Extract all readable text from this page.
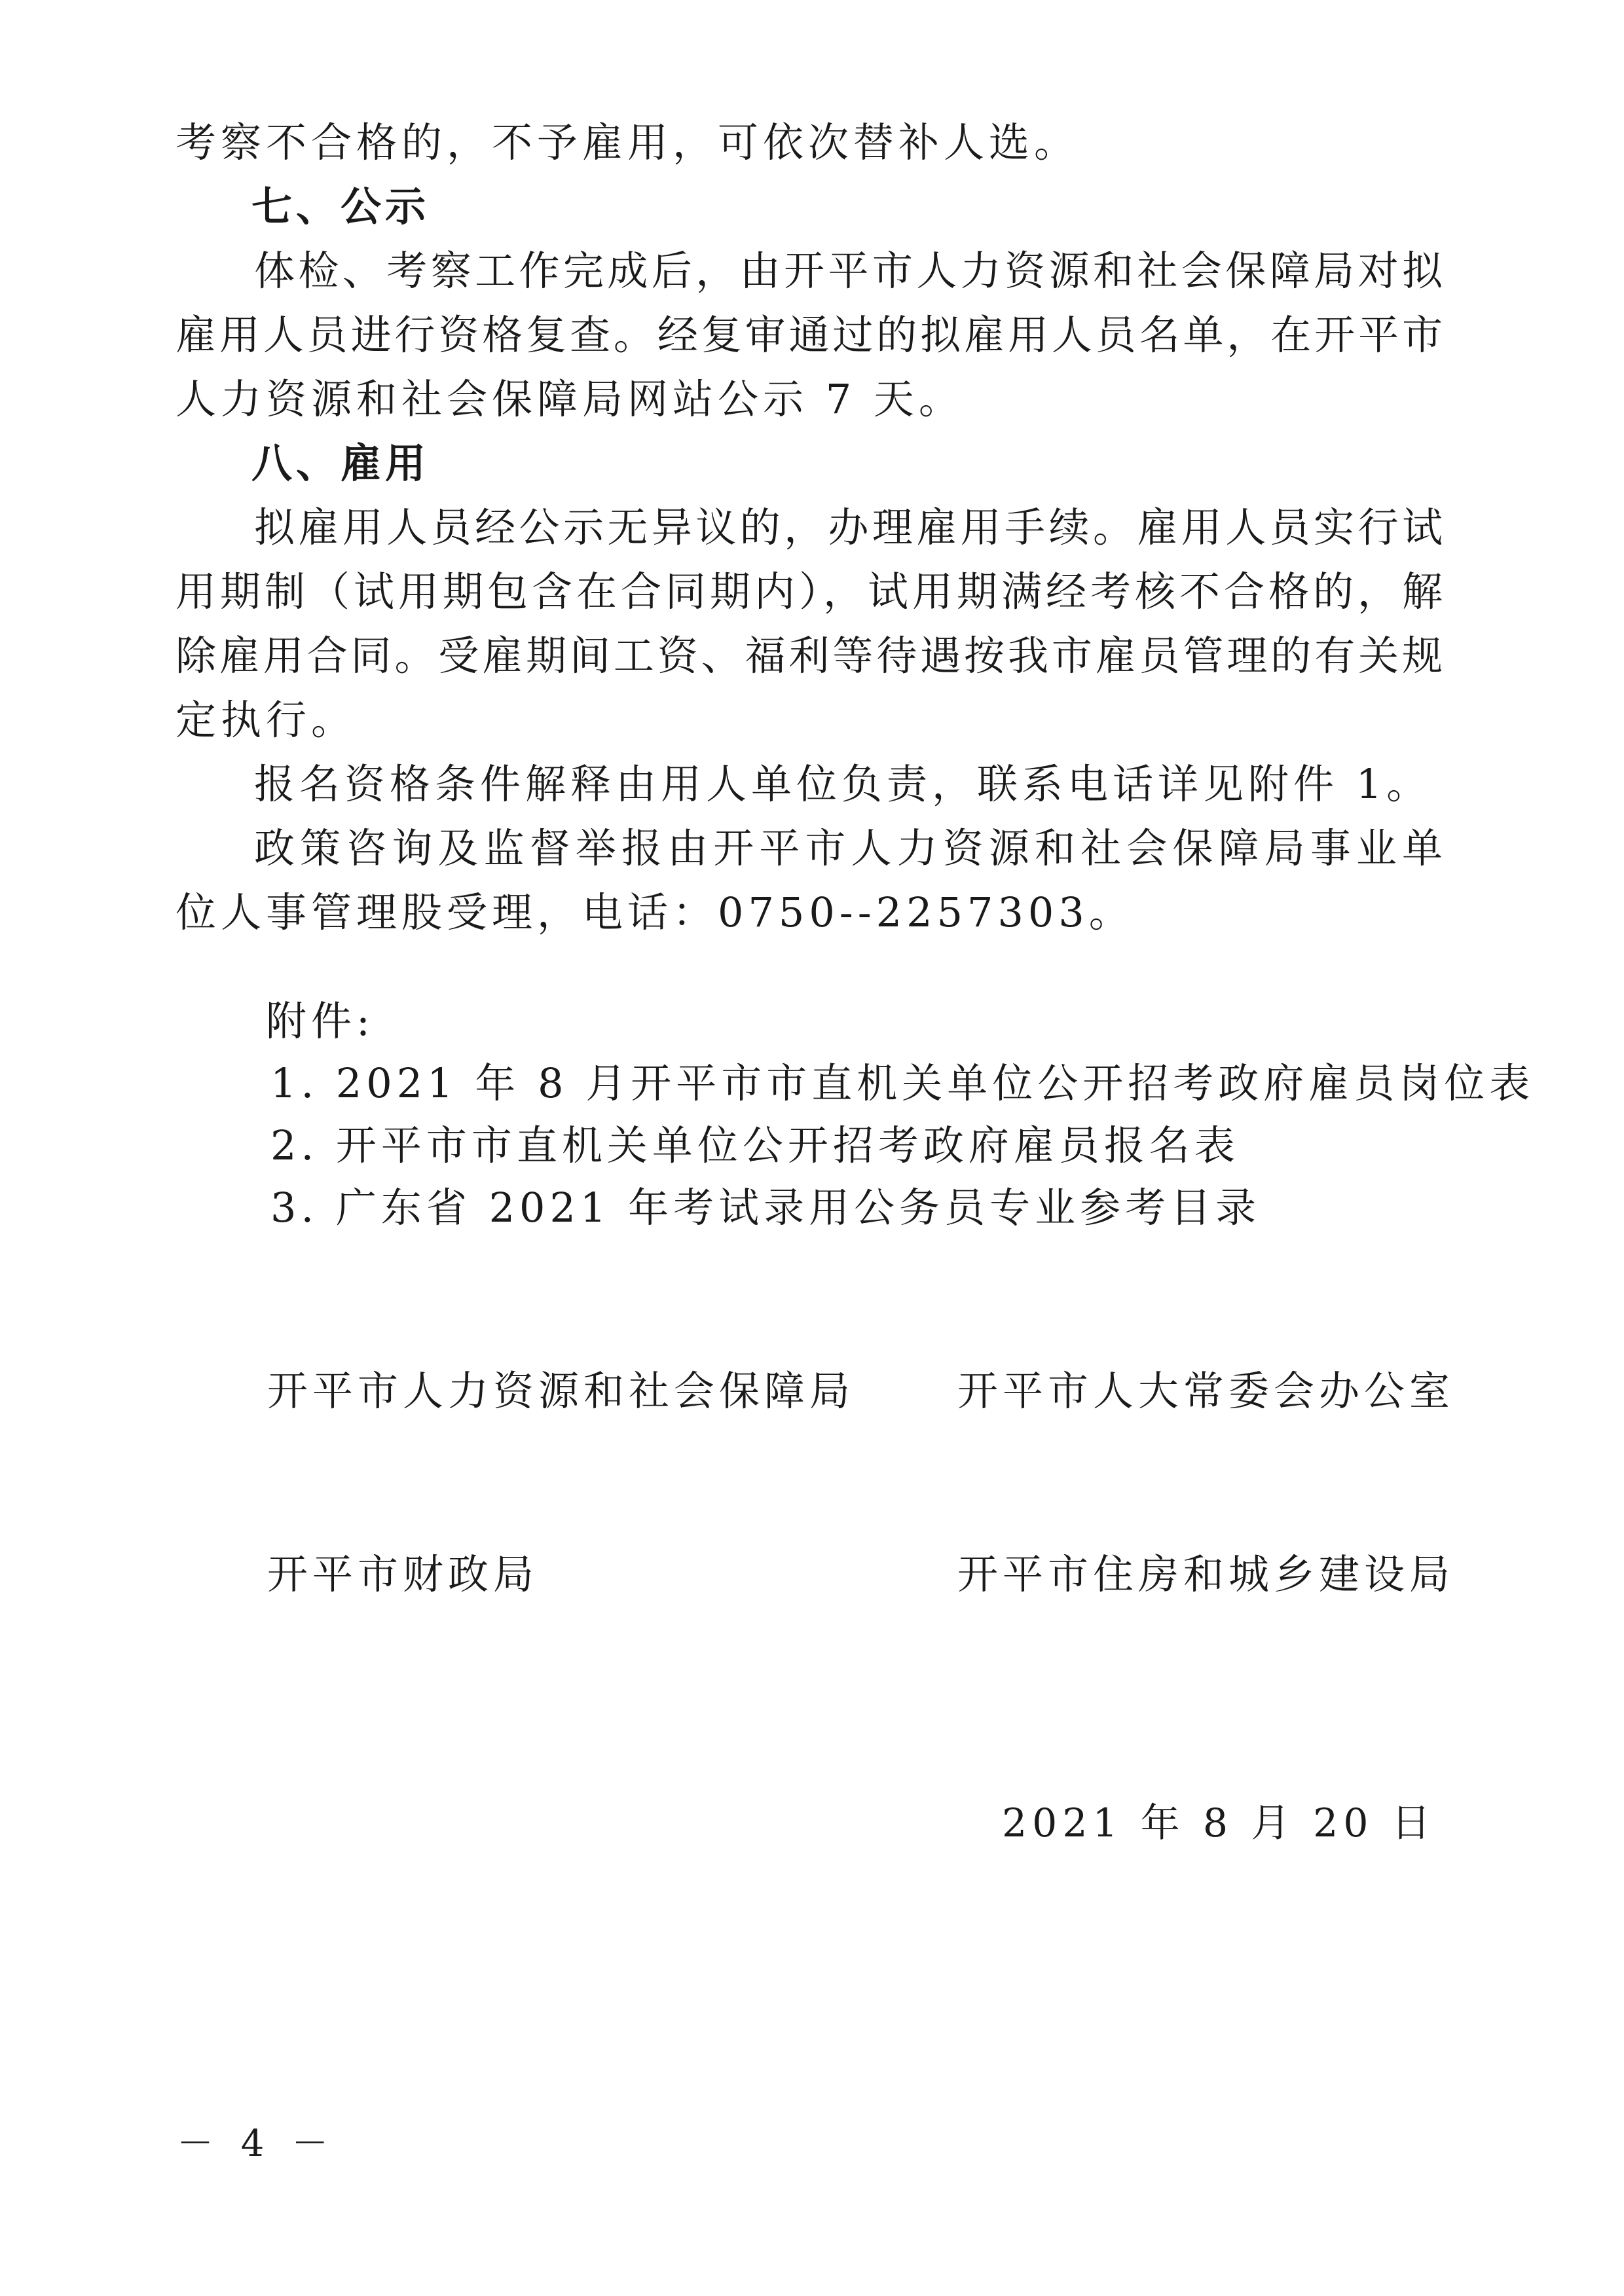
考察不合格的，不予雇用，可依次替补人选。
七、公示
体检、考察工作完成后，由开平市人力资源和社会保障局对拟
雇用人员进行资格复查。经复审通过的拟雇用人员名单，在开平市
人力资源和社会保障局网站公示 7 天。
八、雇用
拟雇用人员经公示无异议的，办理雇用手续。雇用人员实行试
用期制（试用期包含在合同期内），试用期满经考核不合格的，解
除雇用合同。受雇期间工资、福利等待遇按我市雇员管理的有关规
定执行。
报名资格条件解释由用人单位负责，联系电话详见附件 1。
政策咨询及监督举报由开平市人力资源和社会保障局事业单
位人事管理股受理，电话：0750--2257303。
附件:
1. 2021 年 8 月开平市市直机关单位公开招考政府雇员岗位表
2. 开平市市直机关单位公开招考政府雇员报名表
3. 广东省 2021 年考试录用公务员专业参考目录
开平市人力资源和社会保障局	开平市人大常委会办公室
开平市财政局	开平市住房和城乡建设局
2021 年 8 月 20 日
－ 4 －
